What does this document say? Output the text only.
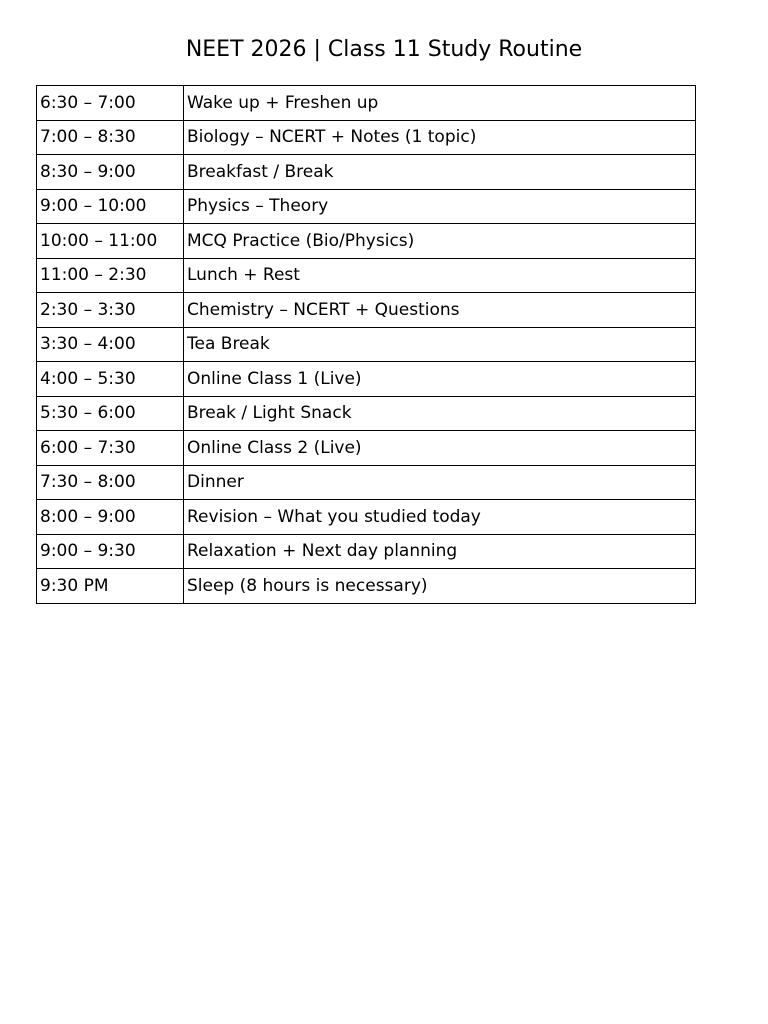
NEET 2026 | Class 11 Study Routine
6:30 – 7:00	Wake up + Freshen up
7:00 – 8:30	Biology – NCERT + Notes (1 topic)
8:30 – 9:00	Breakfast / Break
9:00 – 10:00	Physics – Theory
10:00 – 11:00	MCQ Practice (Bio/Physics)
11:00 – 2:30	Lunch + Rest
2:30 – 3:30	Chemistry – NCERT + Questions
3:30 – 4:00	Tea Break
4:00 – 5:30	Online Class 1 (Live)
5:30 – 6:00	Break / Light Snack
6:00 – 7:30	Online Class 2 (Live)
7:30 – 8:00	Dinner
8:00 – 9:00	Revision – What you studied today
9:00 – 9:30	Relaxation + Next day planning
9:30 PM	Sleep (8 hours is necessary)
